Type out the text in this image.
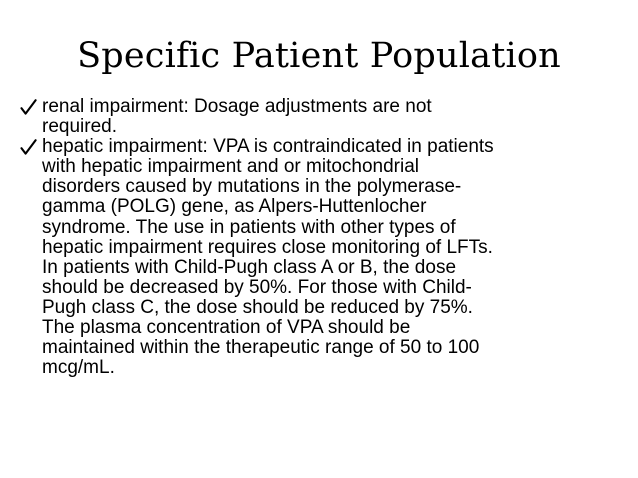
Specific Patient Population
renal impairment: Dosage adjustments are not
required.
hepatic impairment: VPA is contraindicated in patients
with hepatic impairment and or mitochondrial
disorders caused by mutations in the polymerase-
gamma (POLG) gene, as Alpers-Huttenlocher
syndrome. The use in patients with other types of
hepatic impairment requires close monitoring of LFTs.
In patients with Child-Pugh class A or B, the dose
should be decreased by 50%. For those with Child-
Pugh class C, the dose should be reduced by 75%.
The plasma concentration of VPA should be
maintained within the therapeutic range of 50 to 100
mcg/mL.
